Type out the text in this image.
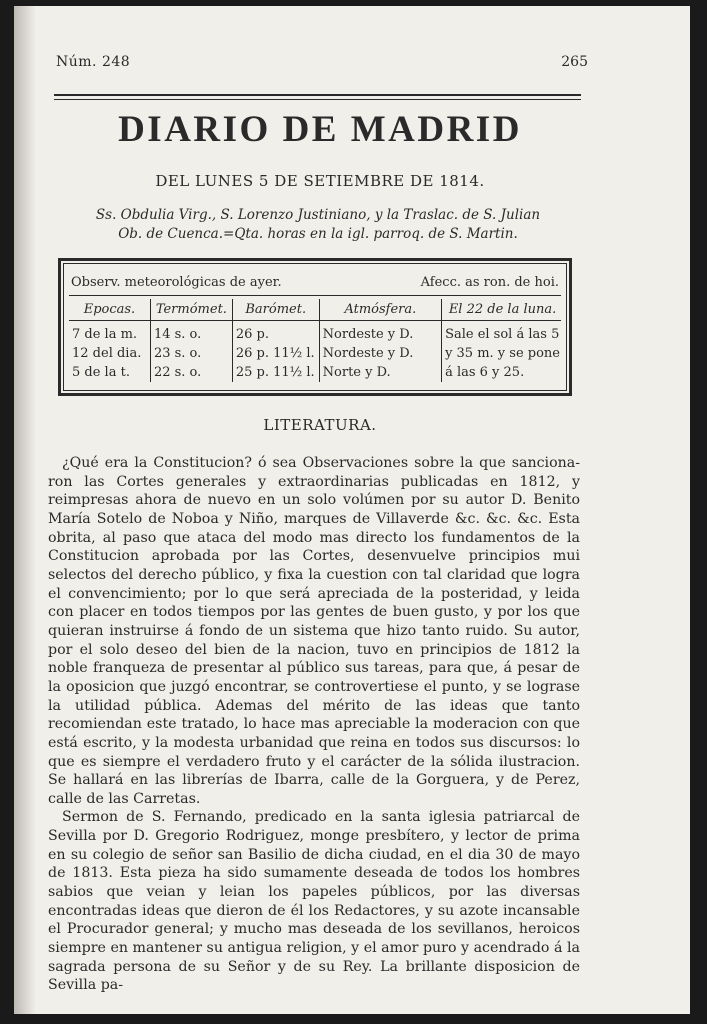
Núm. 248	265
DIARIO DE MADRID
DEL LUNES 5 DE SETIEMBRE DE 1814.
Ss. Obdulia Virg., S. Lorenzo Justiniano, y la Traslac. de S. Julian
Ob. de Cuenca.=Qta. horas en la igl. parroq. de S. Martin.
Observ. meteorológicas de ayer.	Afecc. as ron. de hoi.
Epocas.	Termómet.	Barómet.	Atmósfera.	El 22 de la luna.
7 de la m.	14 s. o.	26 p.	Nordeste y D.	Sale el sol á las 5
12 del dia.	23 s. o.	26 p. 11½ l.	Nordeste y D.	y 35 m. y se pone
5 de la t.	22 s. o.	25 p. 11½ l.	Norte y D.	á las 6 y 25.
LITERATURA.

¿Qué era la Constitucion? ó sea Observaciones sobre la que sanciona-ron las Cortes generales y extraordinarias publicadas en 1812, y reimpresas ahora de nuevo en un solo volúmen por su autor D. Benito María Sotelo de Noboa y Niño, marques de Villaverde &c. &c. &c. Esta obrita, al paso que ataca del modo mas directo los fundamentos de la Constitucion aprobada por las Cortes, desenvuelve principios mui selectos del derecho público, y fixa la cuestion con tal claridad que logra el convencimiento; por lo que será apreciada de la posteridad, y leida con placer en todos tiempos por las gentes de buen gusto, y por los que quieran instruirse á fondo de un sistema que hizo tanto ruido. Su autor, por el solo deseo del bien de la nacion, tuvo en principios de 1812 la noble franqueza de presentar al público sus tareas, para que, á pesar de la oposicion que juzgó encontrar, se controvertiese el punto, y se lograse la utilidad pública. Ademas del mérito de las ideas que tanto recomiendan este tratado, lo hace mas apreciable la moderacion con que está escrito, y la modesta urbanidad que reina en todos sus discursos: lo que es siempre el verdadero fruto y el carácter de la sólida ilustracion. Se hallará en las librerías de Ibarra, calle de la Gorguera, y de Perez, calle de las Carretas.

Sermon de S. Fernando, predicado en la santa iglesia patriarcal de Sevilla por D. Gregorio Rodriguez, monge presbítero, y lector de prima en su colegio de señor san Basilio de dicha ciudad, en el dia 30 de mayo de 1813. Esta pieza ha sido sumamente deseada de todos los hombres sabios que veian y leian los papeles públicos, por las diversas encontradas ideas que dieron de él los Redactores, y su azote incansable el Procurador general; y mucho mas deseada de los sevillanos, heroicos siempre en mantener su antigua religion, y el amor puro y acendrado á la sagrada persona de su Señor y de su Rey. La brillante disposicion de Sevilla pa-
